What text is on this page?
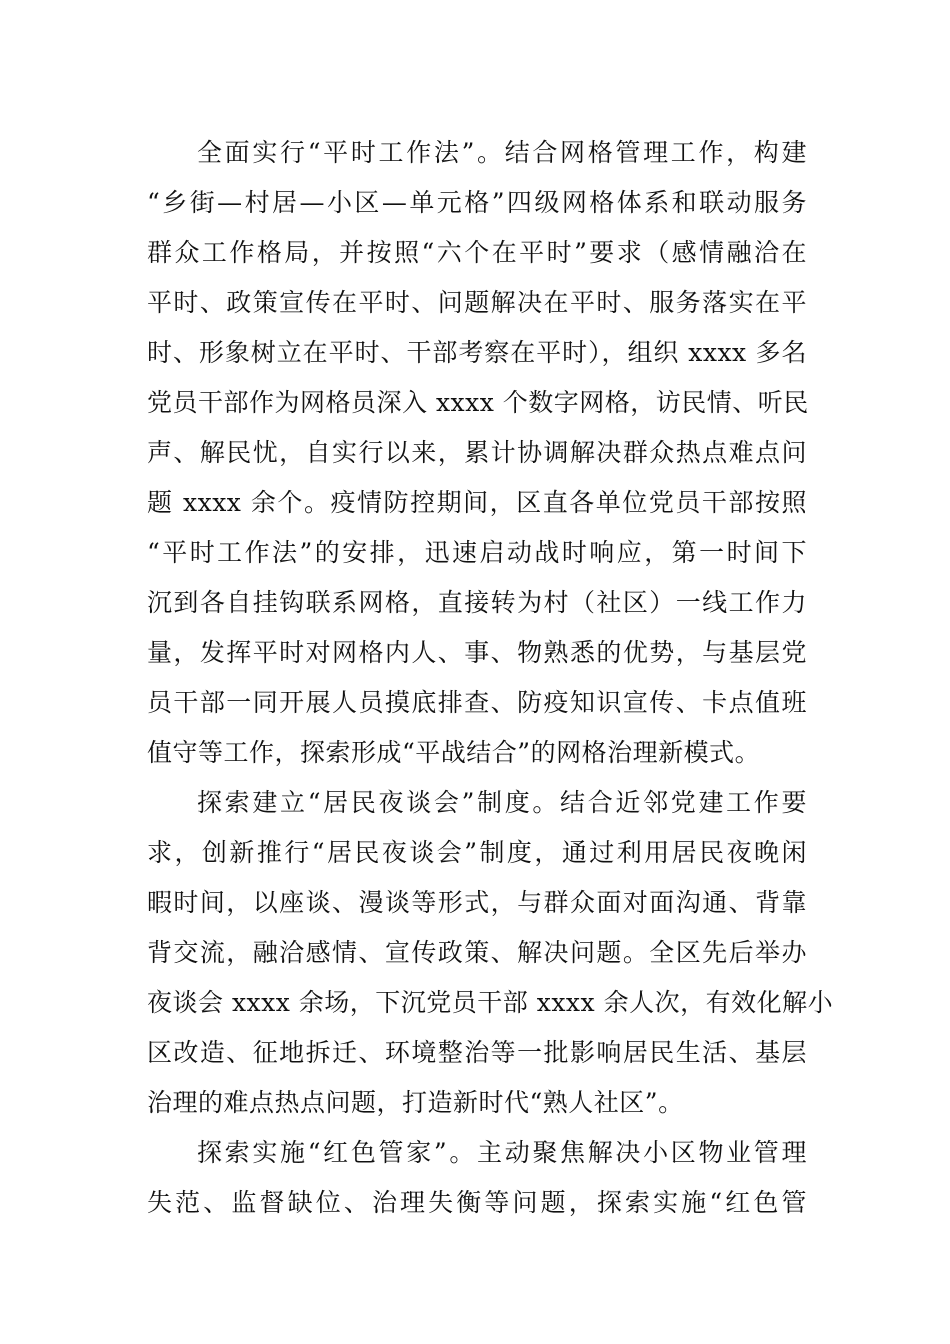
全面实行“平时工作法”。结合网格管理工作，构建
“乡街—村居—小区—单元格”四级网格体系和联动服务
群众工作格局，并按照“六个在平时”要求（感情融洽在
平时、政策宣传在平时、问题解决在平时、服务落实在平
时、形象树立在平时、干部考察在平时），组织 xxxx 多名
党员干部作为网格员深入 xxxx 个数字网格，访民情、听民
声、解民忧，自实行以来，累计协调解决群众热点难点问
题 xxxx 余个。疫情防控期间，区直各单位党员干部按照
“平时工作法”的安排，迅速启动战时响应，第一时间下
沉到各自挂钩联系网格，直接转为村（社区）一线工作力
量，发挥平时对网格内人、事、物熟悉的优势，与基层党
员干部一同开展人员摸底排查、防疫知识宣传、卡点值班
值守等工作，探索形成“平战结合”的网格治理新模式。
探索建立“居民夜谈会”制度。结合近邻党建工作要
求，创新推行“居民夜谈会”制度，通过利用居民夜晚闲
暇时间，以座谈、漫谈等形式，与群众面对面沟通、背靠
背交流，融洽感情、宣传政策、解决问题。全区先后举办
夜谈会 xxxx 余场，下沉党员干部 xxxx 余人次，有效化解小
区改造、征地拆迁、环境整治等一批影响居民生活、基层
治理的难点热点问题，打造新时代“熟人社区”。
探索实施“红色管家”。主动聚焦解决小区物业管理
失范、监督缺位、治理失衡等问题，探索实施“红色管
